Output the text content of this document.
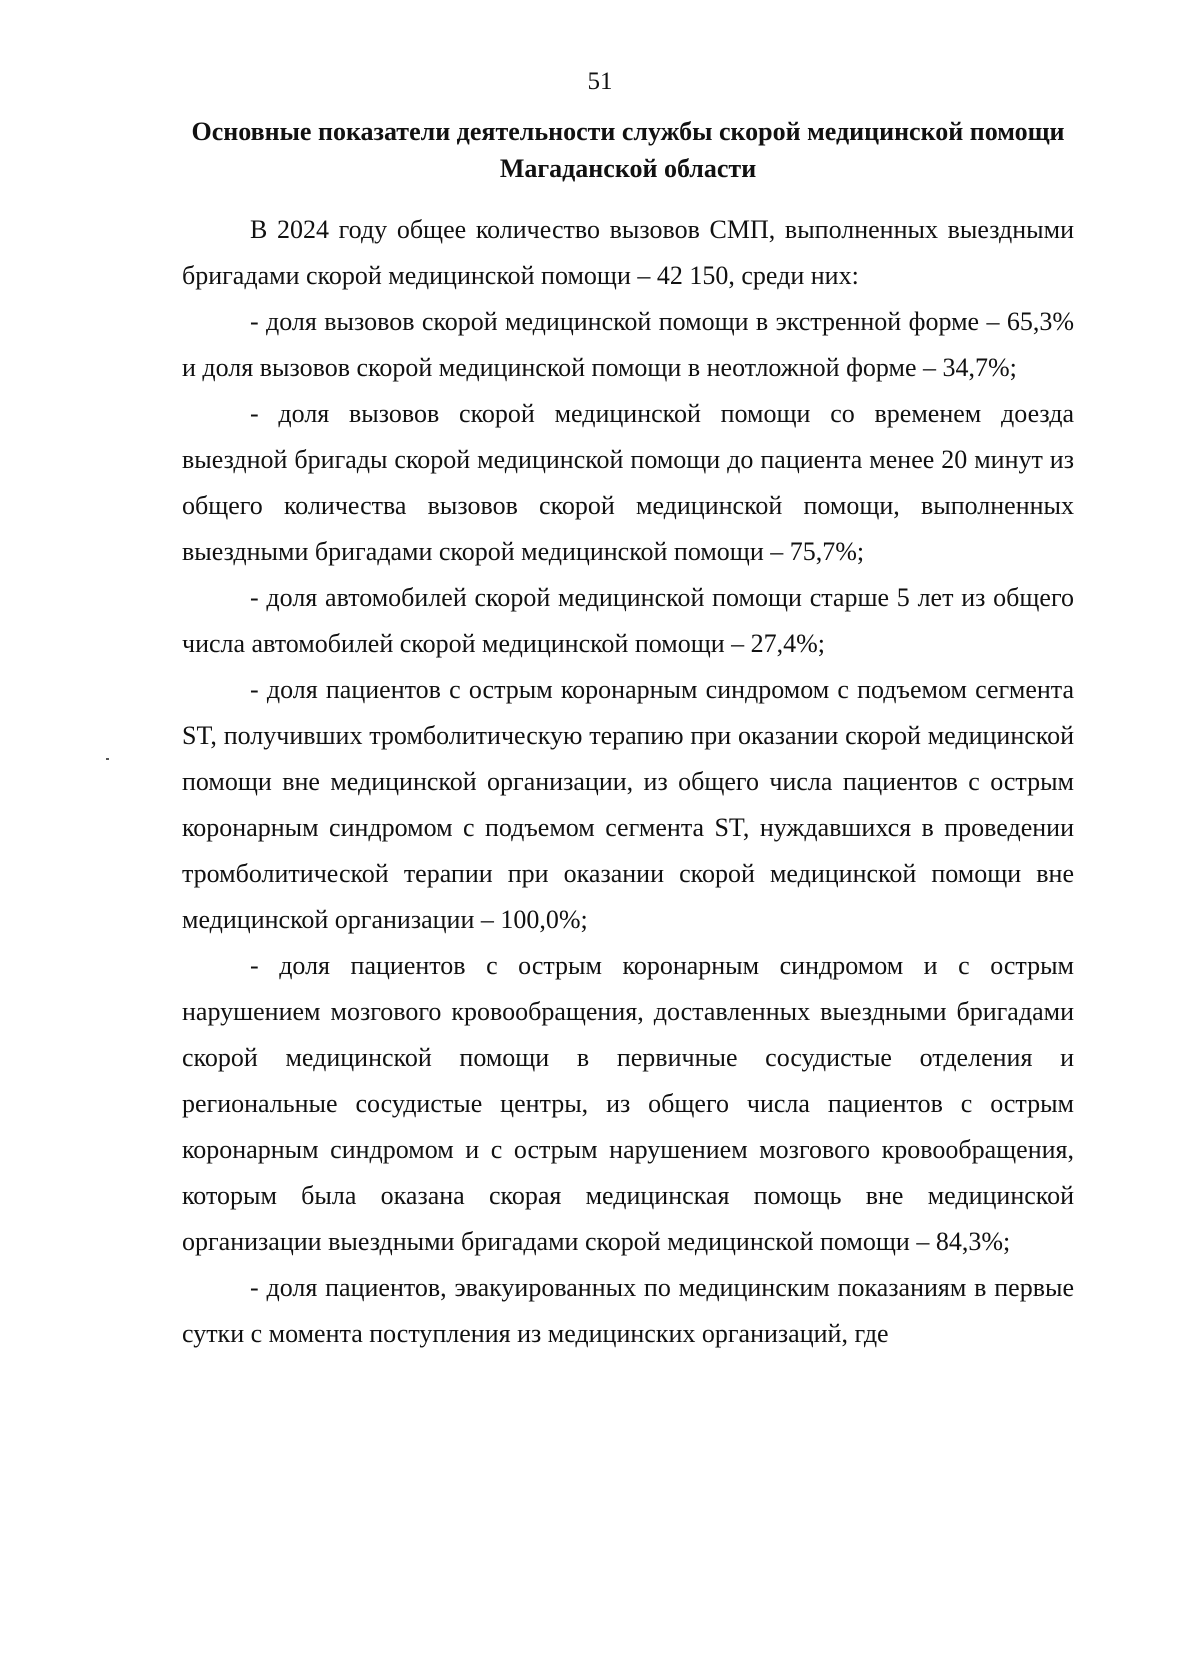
51
Основные показатели деятельности службы скорой медицинской помощи Магаданской области

В 2024 году общее количество вызовов СМП, выполненных выездными бригадами скорой медицинской помощи – 42 150, среди них:

- доля вызовов скорой медицинской помощи в экстренной форме – 65,3% и доля вызовов скорой медицинской помощи в неотложной форме – 34,7%;

- доля вызовов скорой медицинской помощи со временем доезда выездной бригады скорой медицинской помощи до пациента менее 20 минут из общего количества вызовов скорой медицинской помощи, выполненных выездными бригадами скорой медицинской помощи – 75,7%;

- доля автомобилей скорой медицинской помощи старше 5 лет из общего числа автомобилей скорой медицинской помощи – 27,4%;

- доля пациентов с острым коронарным синдромом с подъемом сегмента ST, получивших тромболитическую терапию при оказании скорой медицинской помощи вне медицинской организации, из общего числа пациентов с острым коронарным синдромом с подъемом сегмента ST, нуждавшихся в проведении тромболитической терапии при оказании скорой медицинской помощи вне медицинской организации – 100,0%;

- доля пациентов с острым коронарным синдромом и с острым нарушением мозгового кровообращения, доставленных выездными бригадами скорой медицинской помощи в первичные сосудистые отделения и региональные сосудистые центры, из общего числа пациентов с острым коронарным синдромом и с острым нарушением мозгового кровообращения, которым была оказана скорая медицинская помощь вне медицинской организации выездными бригадами скорой медицинской помощи – 84,3%;

- доля пациентов, эвакуированных по медицинским показаниям в первые сутки с момента поступления из медицинских организаций, где
